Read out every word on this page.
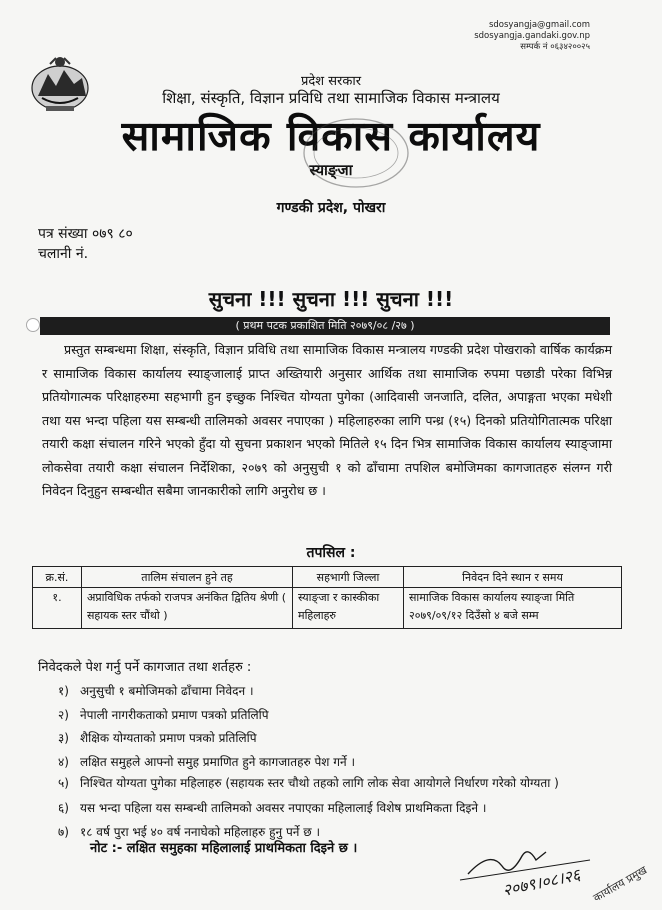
sdosyangja@gmail.com
sdosyangja.gandaki.gov.np
सम्पर्क नं ०६३४२००२५
प्रदेश सरकार
शिक्षा, संस्कृति, विज्ञान प्रविधि तथा सामाजिक विकास मन्त्रालय
सामाजिक विकास कार्यालय
स्याङ्जा
गण्डकी प्रदेश, पोखरा
पत्र संख्या ०७९ ८०
चलानी नं.
सुचना !!! सुचना !!! सुचना !!!
( प्रथम पटक प्रकाशित मिति २०७९/०८ /२७ )
प्रस्तुत सम्बन्धमा शिक्षा, संस्कृति, विज्ञान प्रविधि तथा सामाजिक विकास मन्त्रालय गण्डकी प्रदेश पोखराको वार्षिक कार्यक्रम र सामाजिक विकास कार्यालय स्याङ्जालाई प्राप्त अख्तियारी अनुसार आर्थिक तथा सामाजिक रुपमा पछाडी परेका विभिन्न प्रतियोगात्मक परिक्षाहरुमा सहभागी हुन इच्छुक निश्चित योग्यता पुगेका (आदिवासी जनजाति, दलित, अपाङ्गता भएका मधेशी तथा यस भन्दा पहिला यस सम्बन्धी तालिमको अवसर नपाएका ) महिलाहरुका लागि पन्ध्र (१५) दिनको प्रतियोगितात्मक परिक्षा तयारी कक्षा संचालन गरिने भएको हुँदा यो सुचना प्रकाशन भएको मितिले १५ दिन भित्र सामाजिक विकास कार्यालय स्याङ्जामा लोकसेवा तयारी कक्षा संचालन निर्देशिका, २०७९ को अनुसुची १ को ढाँचामा तपशिल बमोजिमका कागजातहरु संलग्न गरी निवेदन दिनुहुन सम्बन्धीत सबैमा जानकारीको लागि अनुरोध छ ।
तपसिल :
क्र.सं.	तालिम संचालन हुने तह	सहभागी जिल्ला	निवेदन दिने स्थान र समय
१.	अप्राविधिक तर्फको राजपत्र अनंकित द्वितिय श्रेणी ( सहायक स्तर चौंथो )	स्याङ्जा र कास्कीका महिलाहरु	सामाजिक विकास कार्यालय स्याङ्जा मिति २०७९/०९/१२ दिउँसो ४ बजे सम्म
निवेदकले पेश गर्नु पर्ने कागजात तथा शर्तहरु :
१) अनुसुची १ बमोजिमको ढाँचामा निवेदन ।
२) नेपाली नागरीकताको प्रमाण पत्रको प्रतिलिपि
३) शैक्षिक योग्यताको प्रमाण पत्रको प्रतिलिपि
४) लक्षित समुहले आफ्नो समुह प्रमाणित हुने कागजातहरु पेश गर्ने ।
५) निश्चित योग्यता पुगेका महिलाहरु (सहायक स्तर चौथो तहको लागि लोक सेवा आयोगले निर्धारण गरेको योग्यता )
६) यस भन्दा पहिला यस सम्बन्धी तालिमको अवसर नपाएका महिलालाई विशेष प्राथमिकता दिइने ।
७) १८ वर्ष पुरा भई ४० वर्ष ननाघेको महिलाहरु हुनु पर्ने छ ।
नोट :- लक्षित समुहका महिलालाई प्राथमिकता दिइने छ ।
२०७९।०८।२६ कार्यालय प्रमुख
